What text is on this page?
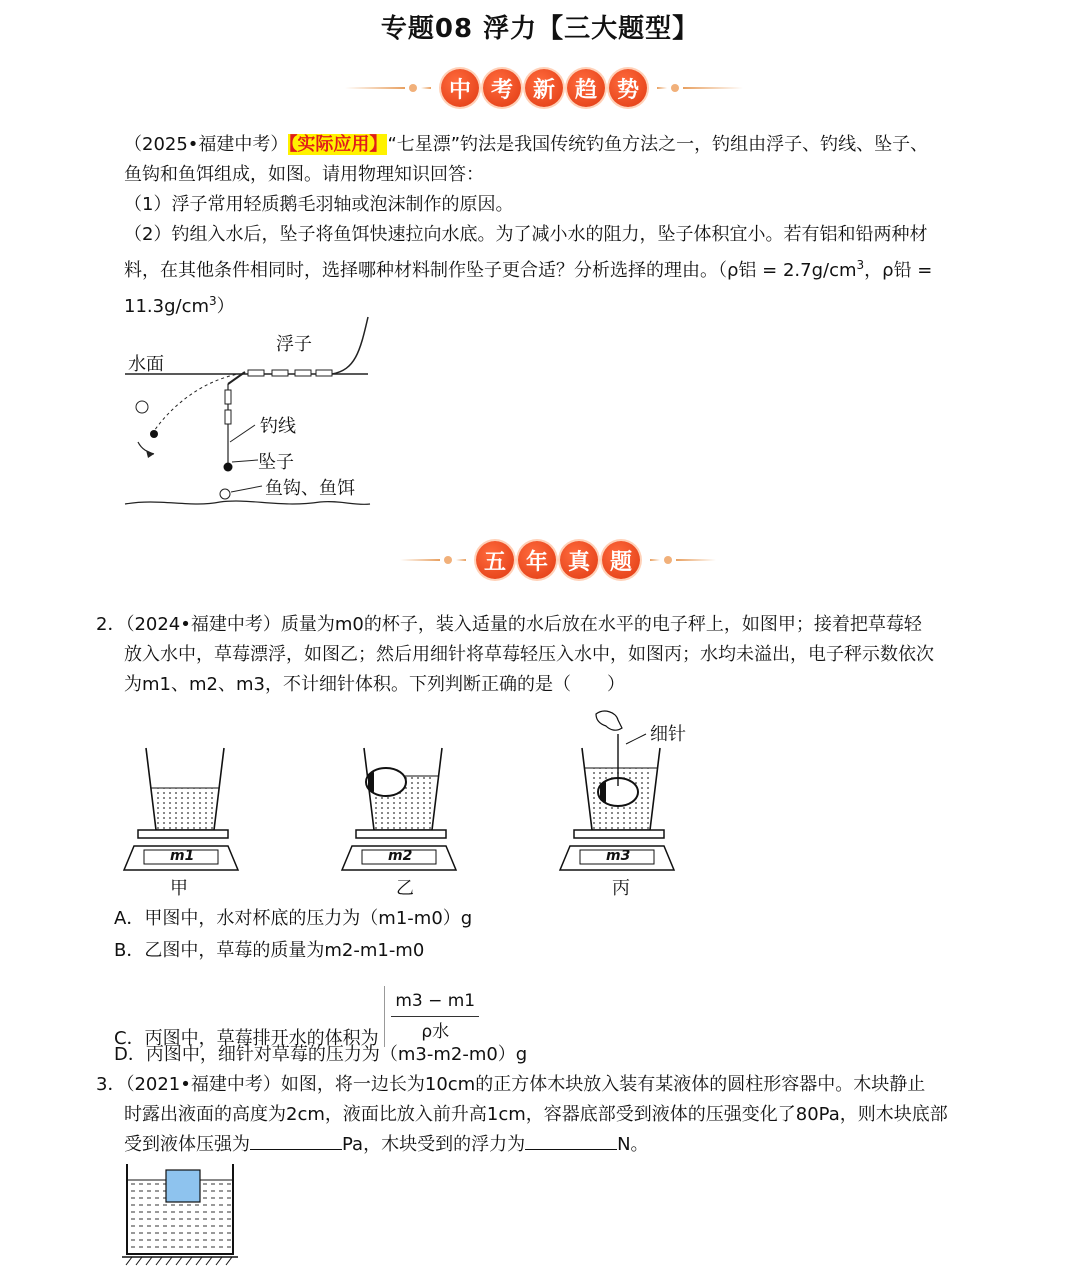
专题08 浮力【三大题型】
中 考 新 趋 势
（2025•福建中考）【实际应用】“七星漂”钓法是我国传统钓鱼方法之一，钓组由浮子、钓线、坠子、
鱼钩和鱼饵组成，如图。请用物理知识回答：
（1）浮子常用轻质鹅毛羽轴或泡沫制作的原因。
（2）钓组入水后，坠子将鱼饵快速拉向水底。为了减小水的阻力，坠子体积宜小。若有铝和铅两种材
料，在其他条件相同时，选择哪种材料制作坠子更合适？分析选择的理由。（ρ铝 = $2.7g/cm^3$，ρ铅 =
$11.3g/cm^3$）
水面
浮子
钓线
坠子
鱼钩、鱼饵
五 年 真 题
2．（2024•福建中考）质量为m0的杯子，装入适量的水后放在水平的电子秤上，如图甲；接着把草莓轻
放入水中，草莓漂浮，如图乙；然后用细针将草莓轻压入水中，如图丙；水均未溢出，电子秤示数依次
为m1、m2、m3，不计细针体积。下列判断正确的是（　　）
m1	m2	m3
甲	乙	丙
细针
A．甲图中，水对杯底的压力为（m1-m0）g
B．乙图中，草莓的质量为m2-m1-m0
C．丙图中，草莓排开水的体积为 $\frac{m3 - m1}{\text{ρ水}}$
D．丙图中，细针对草莓的压力为（m3-m2-m0）g
3．（2021•福建中考）如图，将一边长为10cm的正方体木块放入装有某液体的圆柱形容器中。木块静止
时露出液面的高度为2cm，液面比放入前升高1cm，容器底部受到液体的压强变化了80Pa，则木块底部
受到液体压强为	Pa，木块受到的浮力为	N。
